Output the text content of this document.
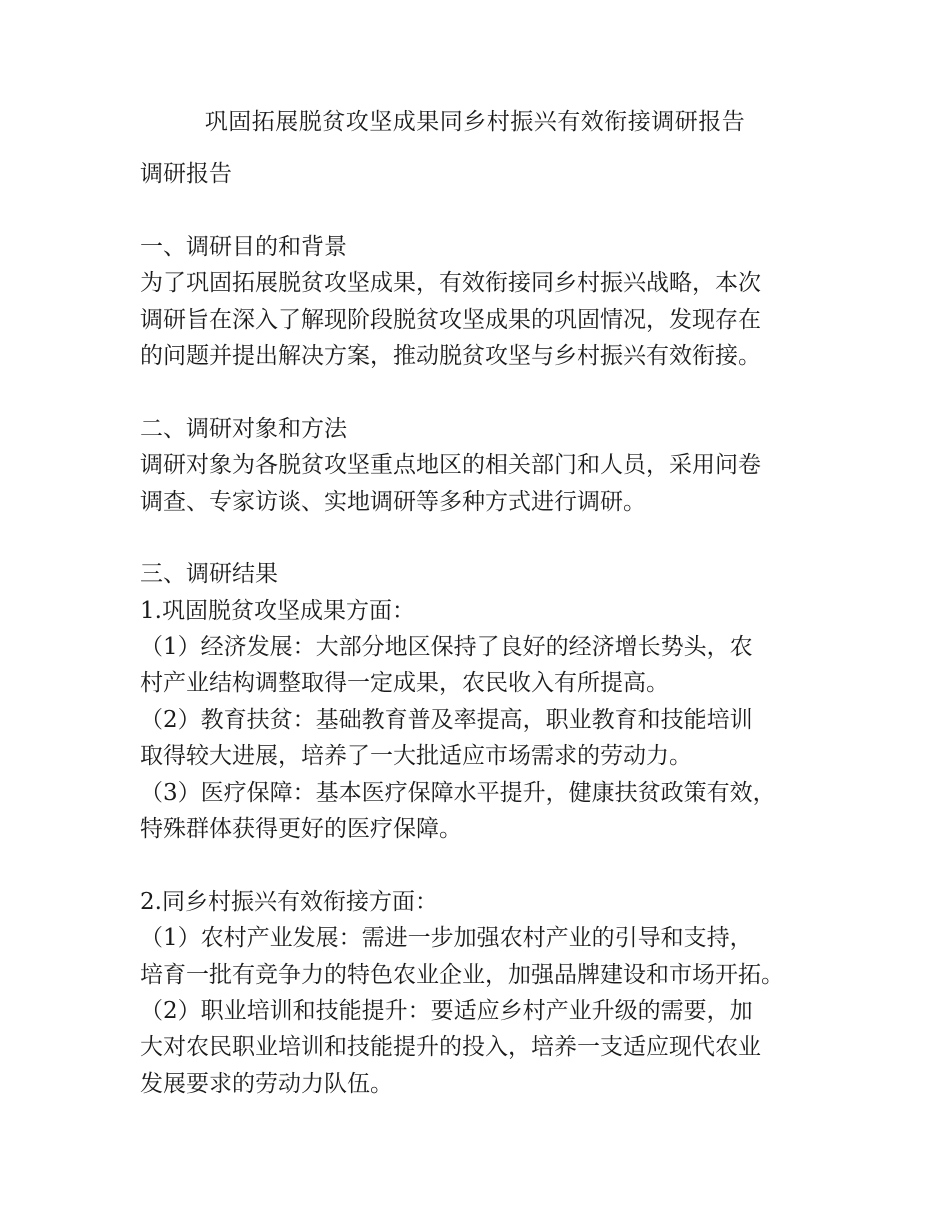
巩固拓展脱贫攻坚成果同乡村振兴有效衔接调研报告
调研报告
一、调研目的和背景
为了巩固拓展脱贫攻坚成果，有效衔接同乡村振兴战略，本次
调研旨在深入了解现阶段脱贫攻坚成果的巩固情况，发现存在
的问题并提出解决方案，推动脱贫攻坚与乡村振兴有效衔接。
二、调研对象和方法
调研对象为各脱贫攻坚重点地区的相关部门和人员，采用问卷
调查、专家访谈、实地调研等多种方式进行调研。
三、调研结果
1.巩固脱贫攻坚成果方面：
（1）经济发展：大部分地区保持了良好的经济增长势头，农
村产业结构调整取得一定成果，农民收入有所提高。
（2）教育扶贫：基础教育普及率提高，职业教育和技能培训
取得较大进展，培养了一大批适应市场需求的劳动力。
（3）医疗保障：基本医疗保障水平提升，健康扶贫政策有效，
特殊群体获得更好的医疗保障。
2.同乡村振兴有效衔接方面：
（1）农村产业发展：需进一步加强农村产业的引导和支持，
培育一批有竞争力的特色农业企业，加强品牌建设和市场开拓。
（2）职业培训和技能提升：要适应乡村产业升级的需要，加
大对农民职业培训和技能提升的投入，培养一支适应现代农业
发展要求的劳动力队伍。
